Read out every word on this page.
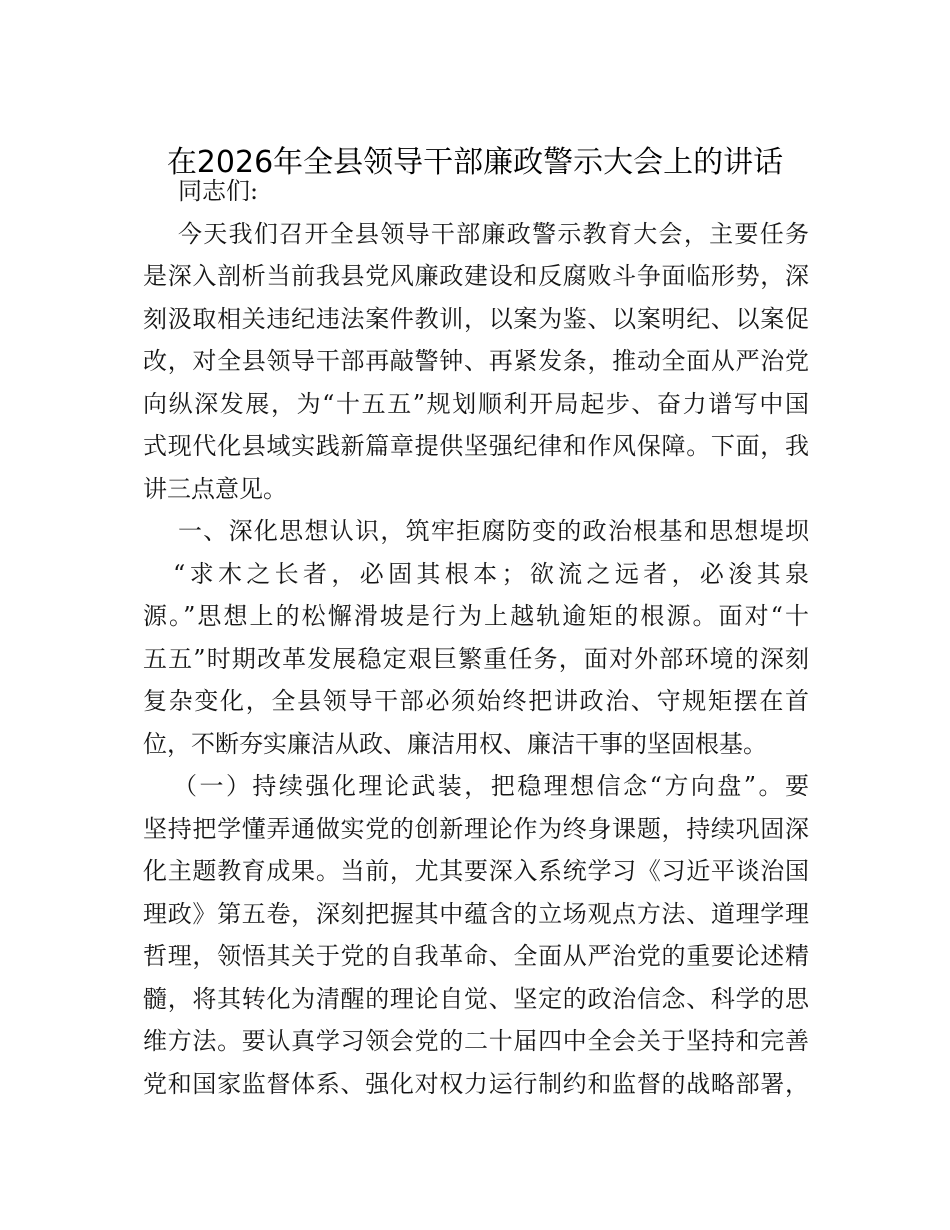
在2026年全县领导干部廉政警示大会上的讲话
同志们:
今天我们召开全县领导干部廉政警示教育大会，主要任务
是深入剖析当前我县党风廉政建设和反腐败斗争面临形势，深
刻汲取相关违纪违法案件教训，以案为鉴、以案明纪、以案促
改，对全县领导干部再敲警钟、再紧发条，推动全面从严治党
向纵深发展，为“十五五”规划顺利开局起步、奋力谱写中国
式现代化县域实践新篇章提供坚强纪律和作风保障。下面，我
讲三点意见。
一、深化思想认识，筑牢拒腐防变的政治根基和思想堤坝
“求木之长者，必固其根本；欲流之远者，必浚其泉
源。”思想上的松懈滑坡是行为上越轨逾矩的根源。面对“十
五五”时期改革发展稳定艰巨繁重任务，面对外部环境的深刻
复杂变化，全县领导干部必须始终把讲政治、守规矩摆在首
位，不断夯实廉洁从政、廉洁用权、廉洁干事的坚固根基。
（一）持续强化理论武装，把稳理想信念“方向盘”。要
坚持把学懂弄通做实党的创新理论作为终身课题，持续巩固深
化主题教育成果。当前，尤其要深入系统学习《习近平谈治国
理政》第五卷，深刻把握其中蕴含的立场观点方法、道理学理
哲理，领悟其关于党的自我革命、全面从严治党的重要论述精
髓，将其转化为清醒的理论自觉、坚定的政治信念、科学的思
维方法。要认真学习领会党的二十届四中全会关于坚持和完善
党和国家监督体系、强化对权力运行制约和监督的战略部署，
